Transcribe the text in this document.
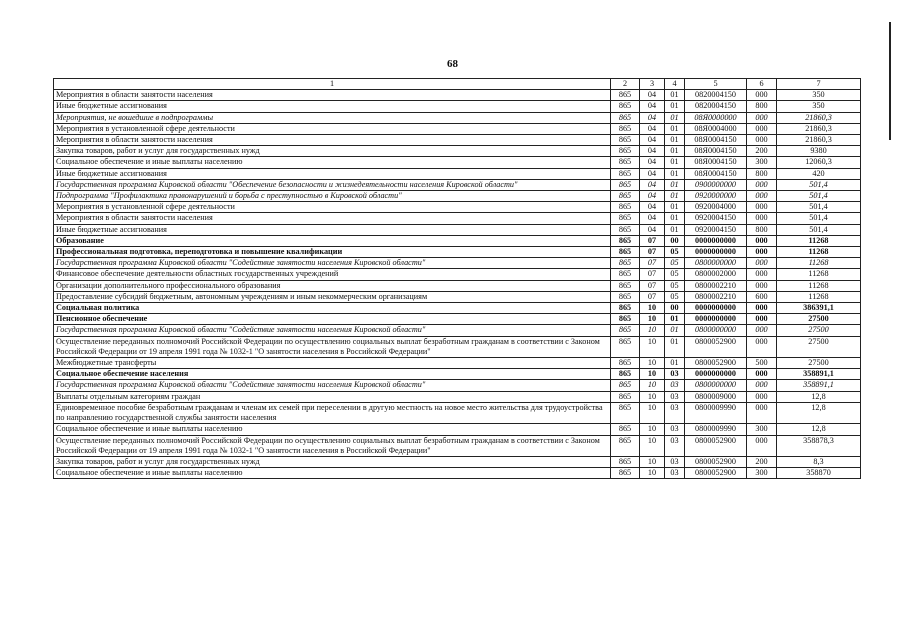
68
1	2	3	4	5	6	7
Мероприятия в области занятости населения	865	04	01	0820004150	000	350
Иные бюджетные ассигнования	865	04	01	0820004150	800	350
Мероприятия, не вошедшие в подпрограммы	865	04	01	08Я0000000	000	21860,3
Мероприятия в установленной сфере деятельности	865	04	01	08Я0004000	000	21860,3
Мероприятия в области занятости населения	865	04	01	08Я0004150	000	21860,3
Закупка товаров, работ и услуг для государственных нужд	865	04	01	08Я0004150	200	9380
Социальное обеспечение и иные выплаты населению	865	04	01	08Я0004150	300	12060,3
Иные бюджетные ассигнования	865	04	01	08Я0004150	800	420
Государственная программа Кировской области "Обеспечение безопасности и жизнедеятельности населения Кировской области"	865	04	01	0900000000	000	501,4
Подпрограмма "Профилактика правонарушений и борьба с преступностью в Кировской области"	865	04	01	0920000000	000	501,4
Мероприятия в установленной сфере деятельности	865	04	01	0920004000	000	501,4
Мероприятия в области занятости населения	865	04	01	0920004150	000	501,4
Иные бюджетные ассигнования	865	04	01	0920004150	800	501,4
Образование	865	07	00	0000000000	000	11268
Профессиональная подготовка, переподготовка и повышение квалификации	865	07	05	0000000000	000	11268
Государственная программа Кировской области "Содействие занятости населения Кировской области"	865	07	05	0800000000	000	11268
Финансовое обеспечение деятельности областных государственных учреждений	865	07	05	0800002000	000	11268
Организации дополнительного профессионального образования	865	07	05	0800002210	000	11268
Предоставление субсидий бюджетным, автономным учреждениям и иным некоммерческим организациям	865	07	05	0800002210	600	11268
Социальная политика	865	10	00	0000000000	000	386391,1
Пенсионное обеспечение	865	10	01	0000000000	000	27500
Государственная программа Кировской области "Содействие занятости населения Кировской области"	865	10	01	0800000000	000	27500
Осуществление переданных полномочий Российской Федерации по осуществлению социальных выплат безработным гражданам в соответствии с Законом Российской Федерации от 19 апреля 1991 года № 1032-1 "О занятости населения в Российской Федерации"	865	10	01	0800052900	000	27500
Межбюджетные трансферты	865	10	01	0800052900	500	27500
Социальное обеспечение населения	865	10	03	0000000000	000	358891,1
Государственная программа Кировской области "Содействие занятости населения Кировской области"	865	10	03	0800000000	000	358891,1
Выплаты отдельным категориям граждан	865	10	03	0800009000	000	12,8
Единовременное пособие безработным гражданам и членам их семей при переселении в другую местность на новое место жительства для трудоустройства по направлению государственной службы занятости населения	865	10	03	0800009990	000	12,8
Социальное обеспечение и иные выплаты населению	865	10	03	0800009990	300	12,8
Осуществление переданных полномочий Российской Федерации по осуществлению социальных выплат безработным гражданам в соответствии с Законом Российской Федерации от 19 апреля 1991 года № 1032-1 "О занятости населения в Российской Федерации"	865	10	03	0800052900	000	358878,3
Закупка товаров, работ и услуг для государственных нужд	865	10	03	0800052900	200	8,3
Социальное обеспечение и иные выплаты населению	865	10	03	0800052900	300	358870
